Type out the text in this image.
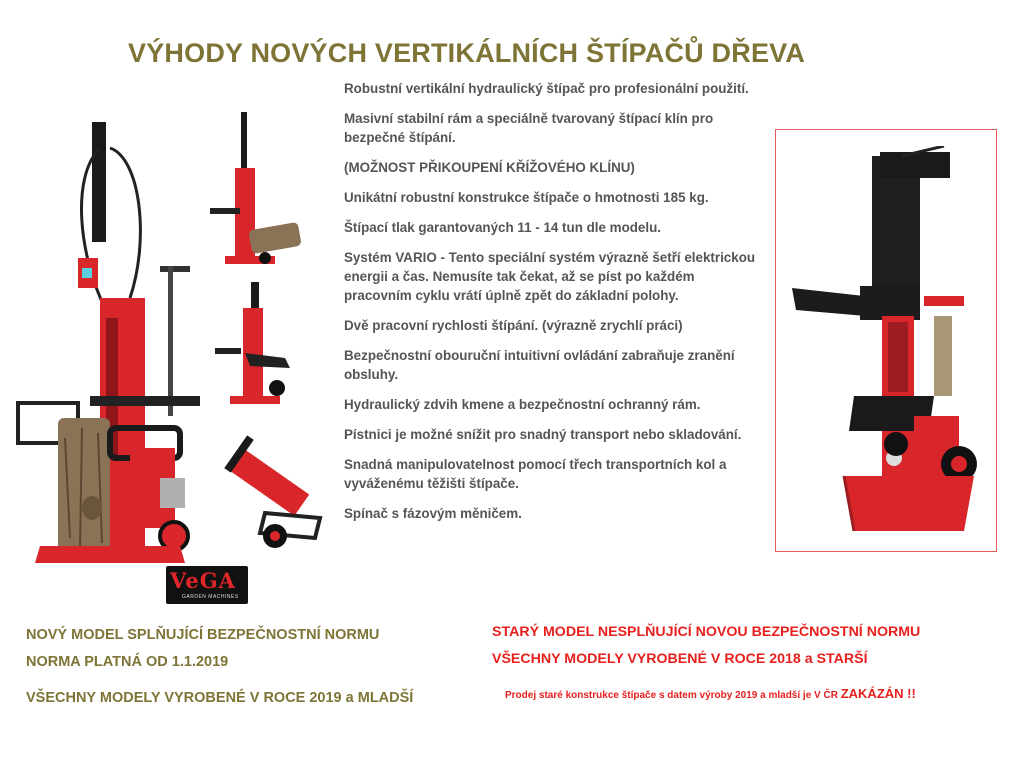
VÝHODY NOVÝCH VERTIKÁLNÍCH ŠTÍPAČŮ DŘEVA
VeGA
GARDEN MACHINES

Robustní vertikální hydraulický štípač pro profesionální použití.

Masivní stabilní rám a speciálně tvarovaný štípací klín pro bezpečné štípání.

(MOŽNOST PŘIKOUPENÍ KŘÍŽOVÉHO KLÍNU)

Unikátní robustní konstrukce štípače o hmotnosti 185 kg.

Štípací tlak garantovaných 11 - 14 tun dle modelu.

Systém VARIO - Tento speciální systém výrazně šetří elektrickou energii a čas. Nemusíte tak čekat, až se píst po každém pracovním cyklu vrátí úplně zpět do základní polohy.

Dvě pracovní rychlosti štípání. (výrazně zrychlí práci)

Bezpečnostní obouruční intuitivní ovládání zabraňuje zranění obsluhy.

Hydraulický zdvih kmene a bezpečnostní ochranný rám.

Pístnici je možné snížit pro snadný transport nebo skladování.

Snadná manipulovatelnost pomocí třech transportních kol a vyváženému těžišti štípače.

Spínač s fázovým měničem.

NOVÝ MODEL SPLŇUJÍCÍ BEZPEČNOSTNÍ NORMU
NORMA PLATNÁ OD 1.1.2019
VŠECHNY MODELY VYROBENÉ V ROCE 2019 a MLADŠÍ
STARÝ MODEL NESPLŇUJÍCÍ NOVOU BEZPEČNOSTNÍ NORMU
VŠECHNY MODELY VYROBENÉ V ROCE 2018 a STARŠÍ
Prodej staré konstrukce štípače s datem výroby 2019 a mladší je V ČR ZAKÁZÁN !!
